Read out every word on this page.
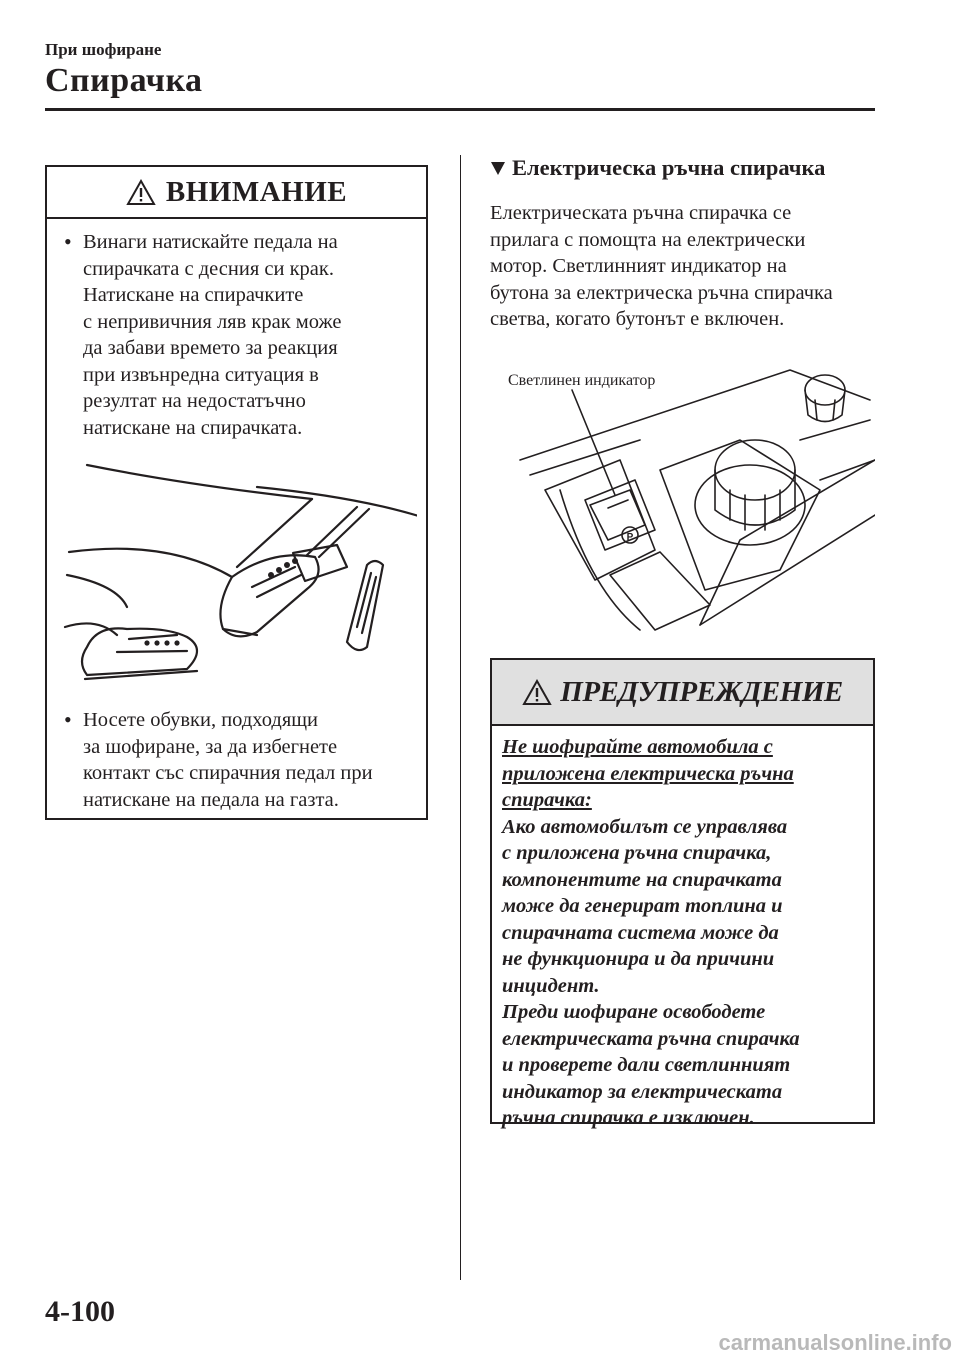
При шофиране
Спирачка
ВНИМАНИЕ
• Винаги натискайте педала на

спирачката с десния си крак.

Натискане на спирачките

с непривичния ляв крак може

да забави времето за реакция

при извънредна ситуация в

резултат на недостатъчно

натискане на спирачката.

• Носете обувки, подходящи

за шофиране, за да избегнете

контакт със спирачния педал при

натискане на педала на газта.

Електрическа ръчна спирачка

Електрическата ръчна спирачка се

прилага с помощта на електрически

мотор. Светлинният индикатор на

бутона за електрическа ръчна спирачка

светва, когато бутонът е включен.

P
Светлинен индикатор
ПРЕДУПРЕЖДЕНИЕ

Не шофирайте автомобила с

приложена електрическа ръчна

спирачка:

Ако автомобилът се управлява

с приложена ръчна спирачка,

компонентите на спирачката

може да генерират топлина и

спирачната система може да

не функционира и да причини

инцидент.

Преди шофиране освободете

електрическата ръчна спирачка

и проверете дали светлинният

индикатор за електрическата

ръчна спирачка е изключен.

4-100
carmanualsonline.info
